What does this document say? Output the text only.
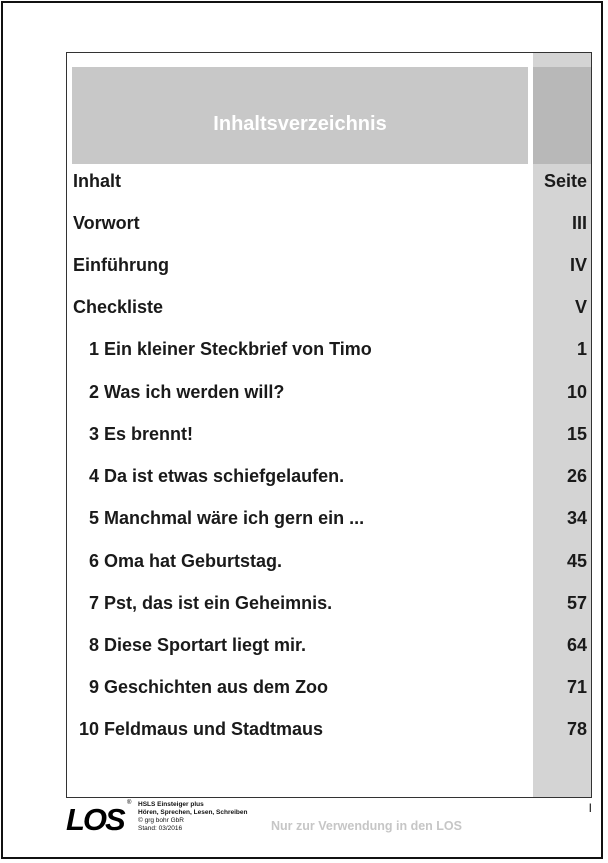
Inhaltsverzeichnis
Inhalt	Seite
Vorwort	III
Einführung	IV
Checkliste	V
1 Ein kleiner Steckbrief von Timo	1
2 Was ich werden will?	10
3 Es brennt!	15
4 Da ist etwas schiefgelaufen.	26
5 Manchmal wäre ich gern ein ...	34
6 Oma hat Geburtstag.	45
7 Pst, das ist ein Geheimnis.	57
8 Diese Sportart liegt mir.	64
9 Geschichten aus dem Zoo	71
10 Feldmaus und Stadtmaus	78
LOS ® HSLS Einsteiger plus
Hören, Sprechen, Lesen, Schreiben
© grg bohr GbR
Stand: 03/2016	Nur zur Verwendung in den LOS
I
